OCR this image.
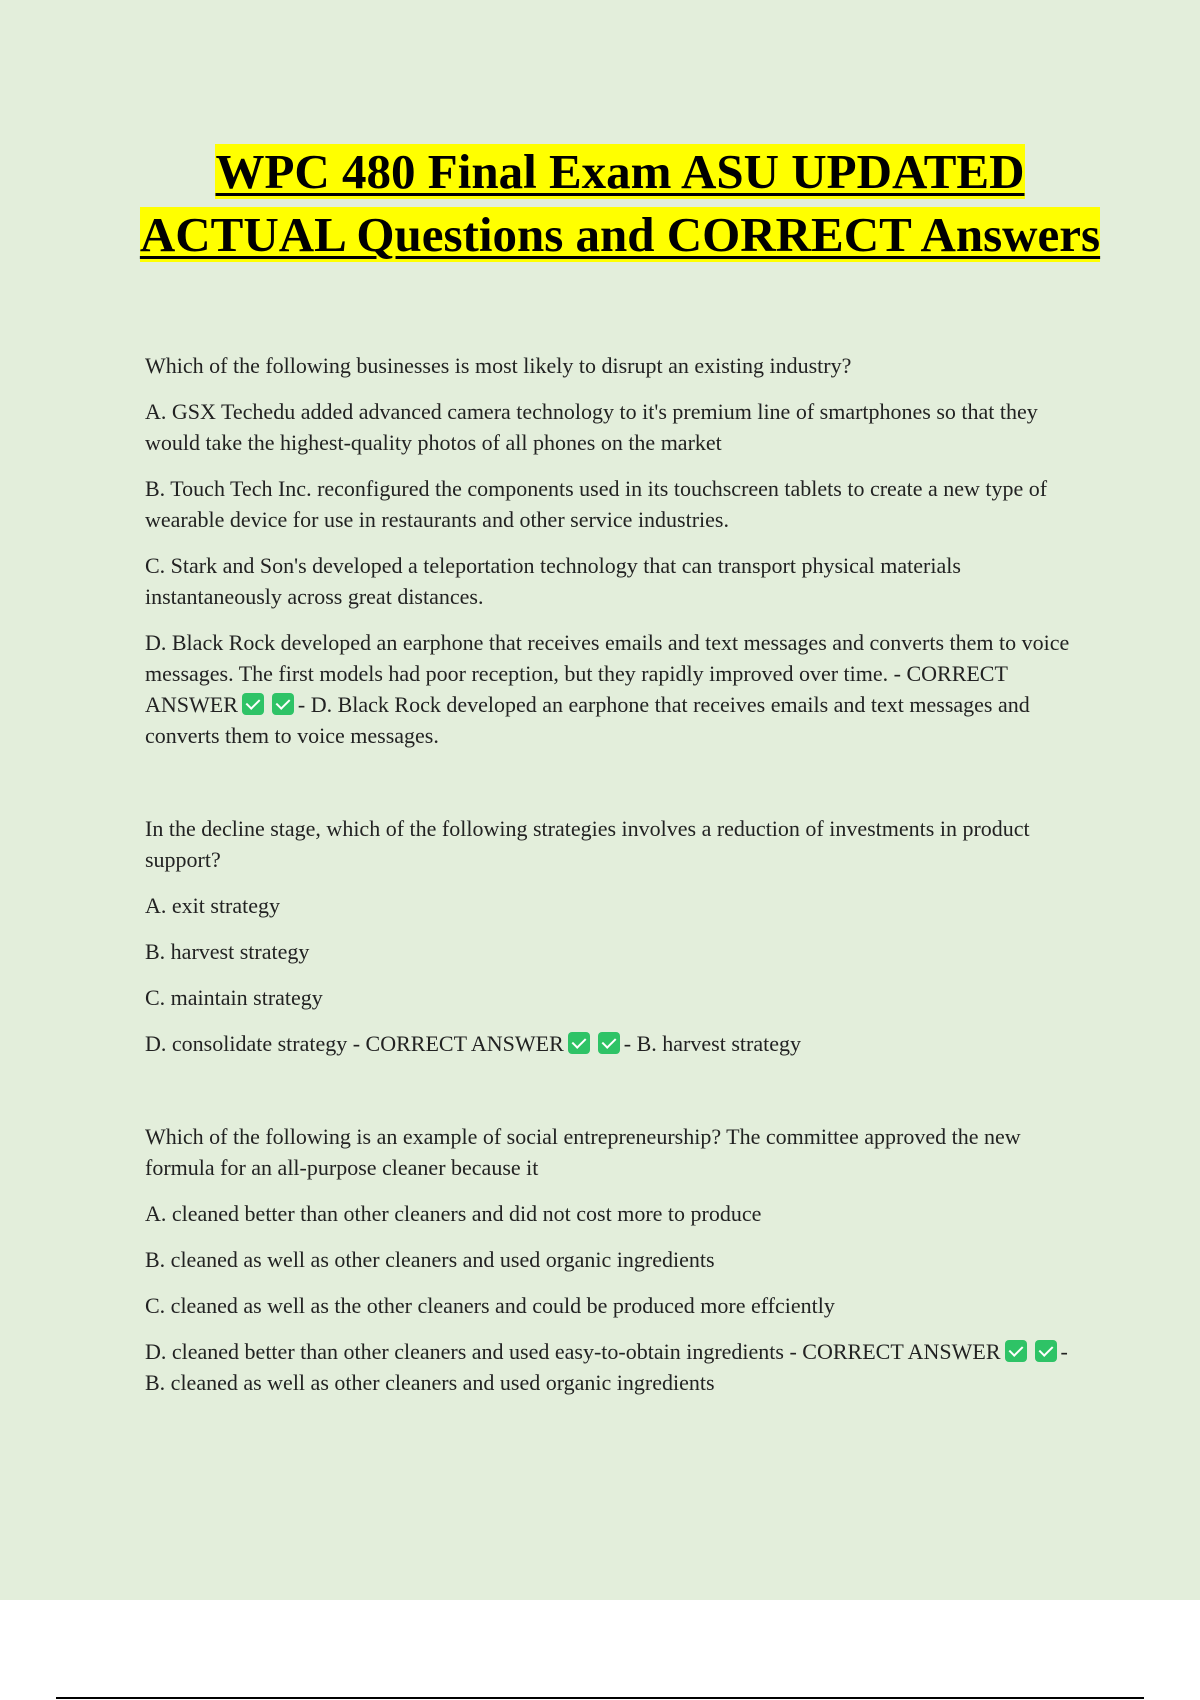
WPC 480 Final Exam ASU UPDATED ACTUAL Questions and CORRECT Answers

Which of the following businesses is most likely to disrupt an existing industry?

A. GSX Techedu added advanced camera technology to it's premium line of smartphones so that they would take the highest-quality photos of all phones on the market

B. Touch Tech Inc. reconfigured the components used in its touchscreen tablets to create a new type of wearable device for use in restaurants and other service industries.

C. Stark and Son's developed a teleportation technology that can transport physical materials instantaneously across great distances.

D. Black Rock developed an earphone that receives emails and text messages and converts them to voice messages. The first models had poor reception, but they rapidly improved over time. - CORRECT ANSWER	- D. Black Rock developed an earphone that receives emails and text messages and converts them to voice messages.

In the decline stage, which of the following strategies involves a reduction of investments in product support?

A. exit strategy

B. harvest strategy

C. maintain strategy

D. consolidate strategy - CORRECT ANSWER	- B. harvest strategy

Which of the following is an example of social entrepreneurship? The committee approved the new formula for an all-purpose cleaner because it

A. cleaned better than other cleaners and did not cost more to produce

B. cleaned as well as other cleaners and used organic ingredients

C. cleaned as well as the other cleaners and could be produced more effciently

D. cleaned better than other cleaners and used easy-to-obtain ingredients - CORRECT ANSWER	- B. cleaned as well as other cleaners and used organic ingredients
